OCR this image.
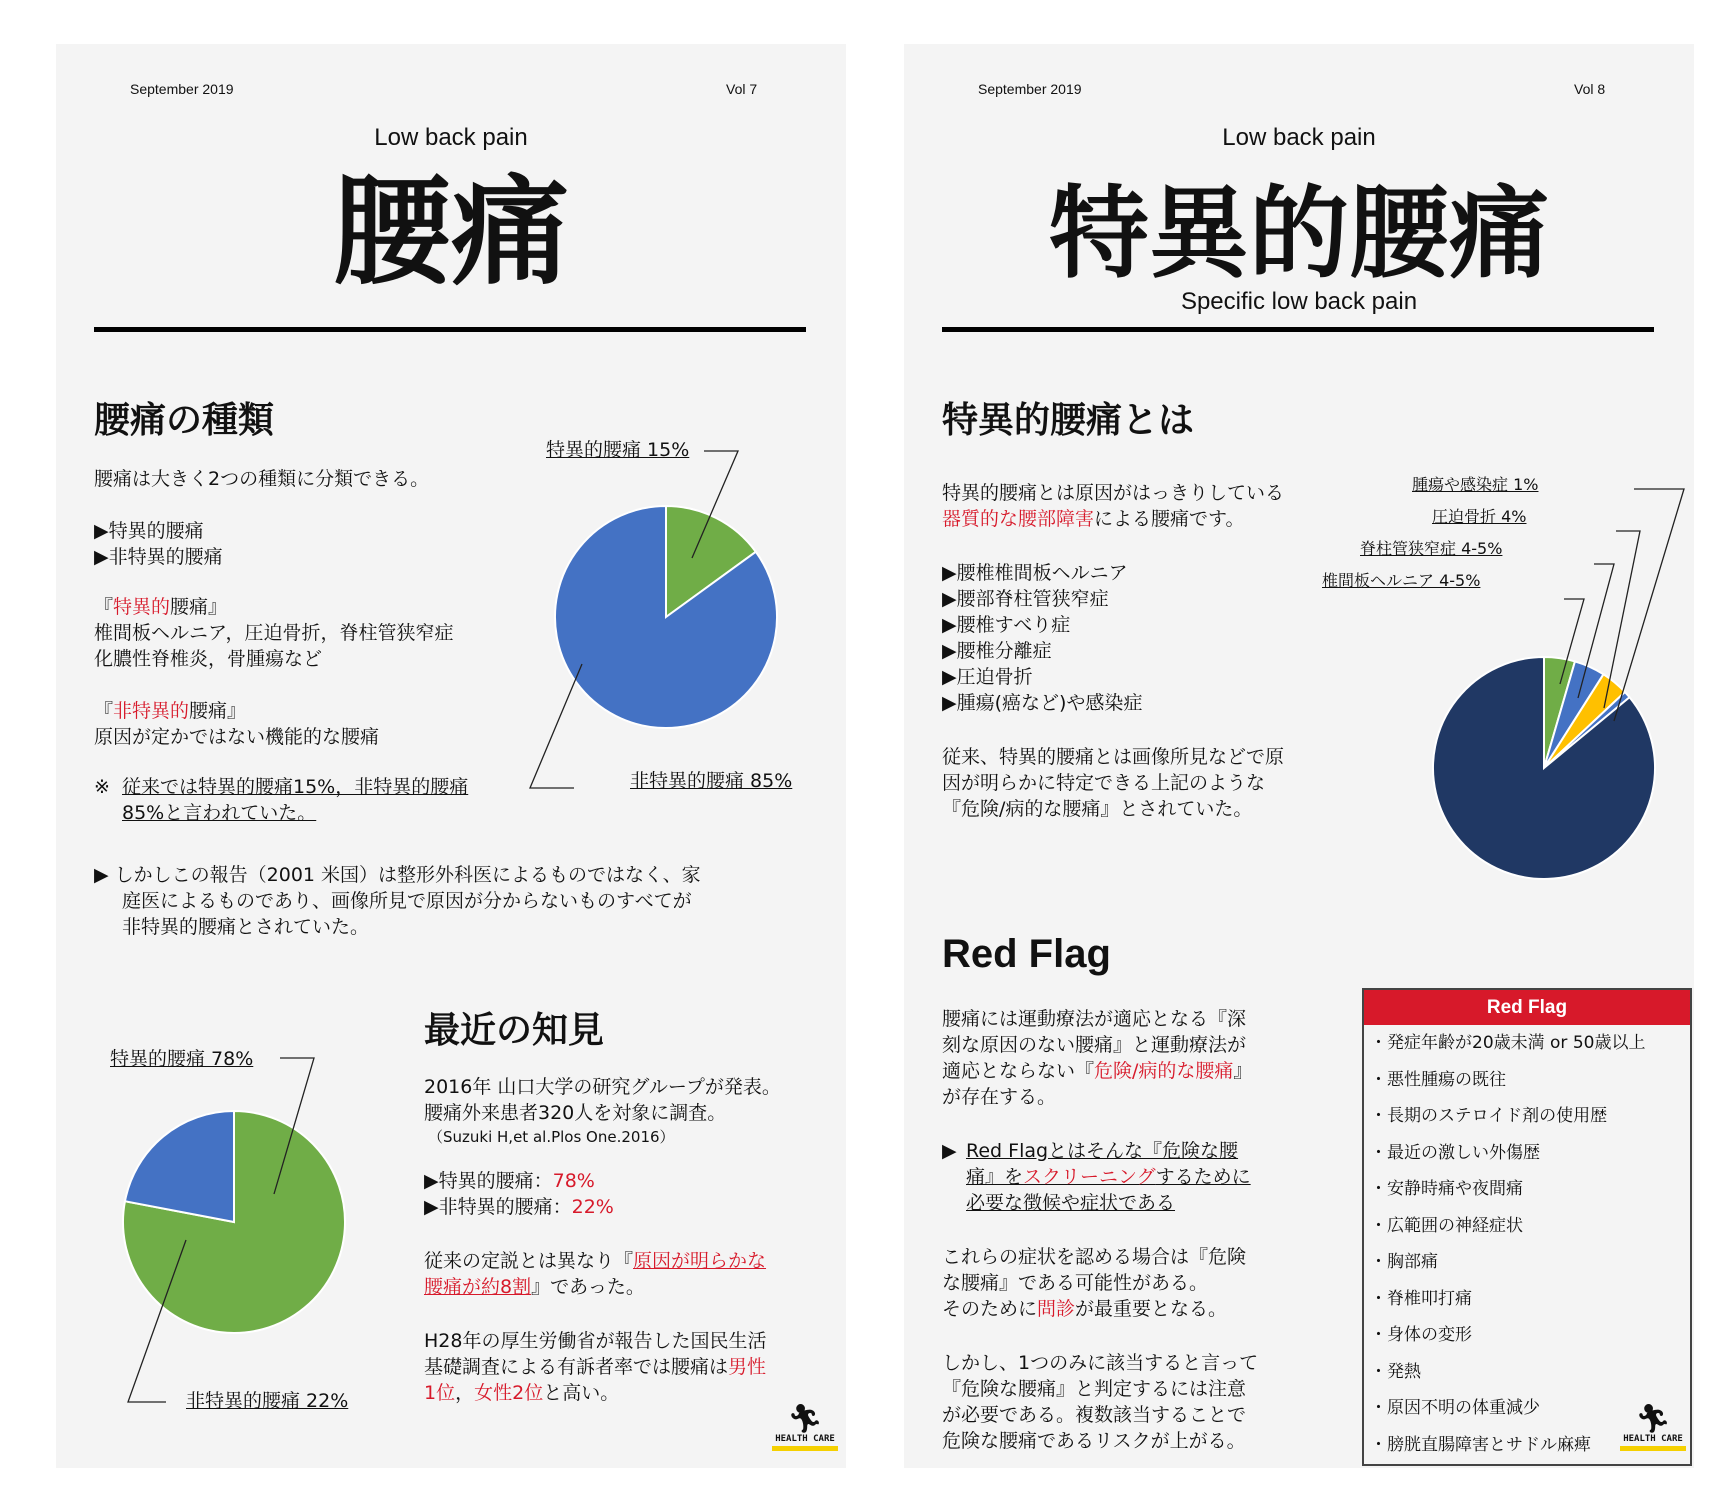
September 2019	Vol 7
Low back pain
腰痛
腰痛の種類
腰痛は大きく2つの種類に分類できる。
▶特異的腰痛
▶非特異的腰痛
『特異的腰痛』
椎間板ヘルニア，圧迫骨折，脊柱管狭窄症
化膿性脊椎炎，骨腫瘍など
『非特異的腰痛』
原因が定かではない機能的な腰痛
※ 従来では特異的腰痛15%，非特異的腰痛
85%と言われていた。
▶ しかしこの報告（2001 米国）は整形外科医によるものではなく、家
庭医によるものであり、画像所見で原因が分からないものすべてが
非特異的腰痛とされていた。
特異的腰痛 15%
非特異的腰痛 85%
最近の知見
2016年 山口大学の研究グループが発表。
腰痛外来患者320人を対象に調査。
（Suzuki H,et al.Plos One.2016）
▶特異的腰痛：78%
▶非特異的腰痛：22%
従来の定説とは異なり『原因が明らかな
腰痛が約8割』であった。
H28年の厚生労働省が報告した国民生活
基礎調査による有訴者率では腰痛は男性
1位，女性2位と高い。
特異的腰痛 78%
非特異的腰痛 22%
🏃︎
HEALTH CARE
September 2019	Vol 8
Low back pain
特異的腰痛
Specific low back pain
特異的腰痛とは
特異的腰痛とは原因がはっきりしている
器質的な腰部障害による腰痛です。
▶腰椎椎間板ヘルニア
▶腰部脊柱管狭窄症
▶腰椎すべり症
▶腰椎分離症
▶圧迫骨折
▶腫瘍(癌など)や感染症
従来、特異的腰痛とは画像所見などで原
因が明らかに特定できる上記のような
『危険/病的な腰痛』とされていた。
腫瘍や感染症 1%
圧迫骨折 4%
脊柱管狭窄症 4-5%
椎間板ヘルニア 4-5%
Red Flag
腰痛には運動療法が適応となる『深
刻な原因のない腰痛』と運動療法が
適応とならない『危険/病的な腰痛』
が存在する。
▶ Red Flagとはそんな『危険な腰
痛』をスクリーニングするために
必要な徴候や症状である
これらの症状を認める場合は『危険
な腰痛』である可能性がある。
そのために問診が最重要となる。
しかし、1つのみに該当すると言って
『危険な腰痛』と判定するには注意
が必要である。複数該当することで
危険な腰痛であるリスクが上がる。
Red Flag
・発症年齢が20歳未満 or 50歳以上
・悪性腫瘍の既往
・長期のステロイド剤の使用歴
・最近の激しい外傷歴
・安静時痛や夜間痛
・広範囲の神経症状
・胸部痛
・脊椎叩打痛
・身体の変形
・発熱
・原因不明の体重減少
・膀胱直腸障害とサドル麻痺
🏃︎
HEALTH CARE
